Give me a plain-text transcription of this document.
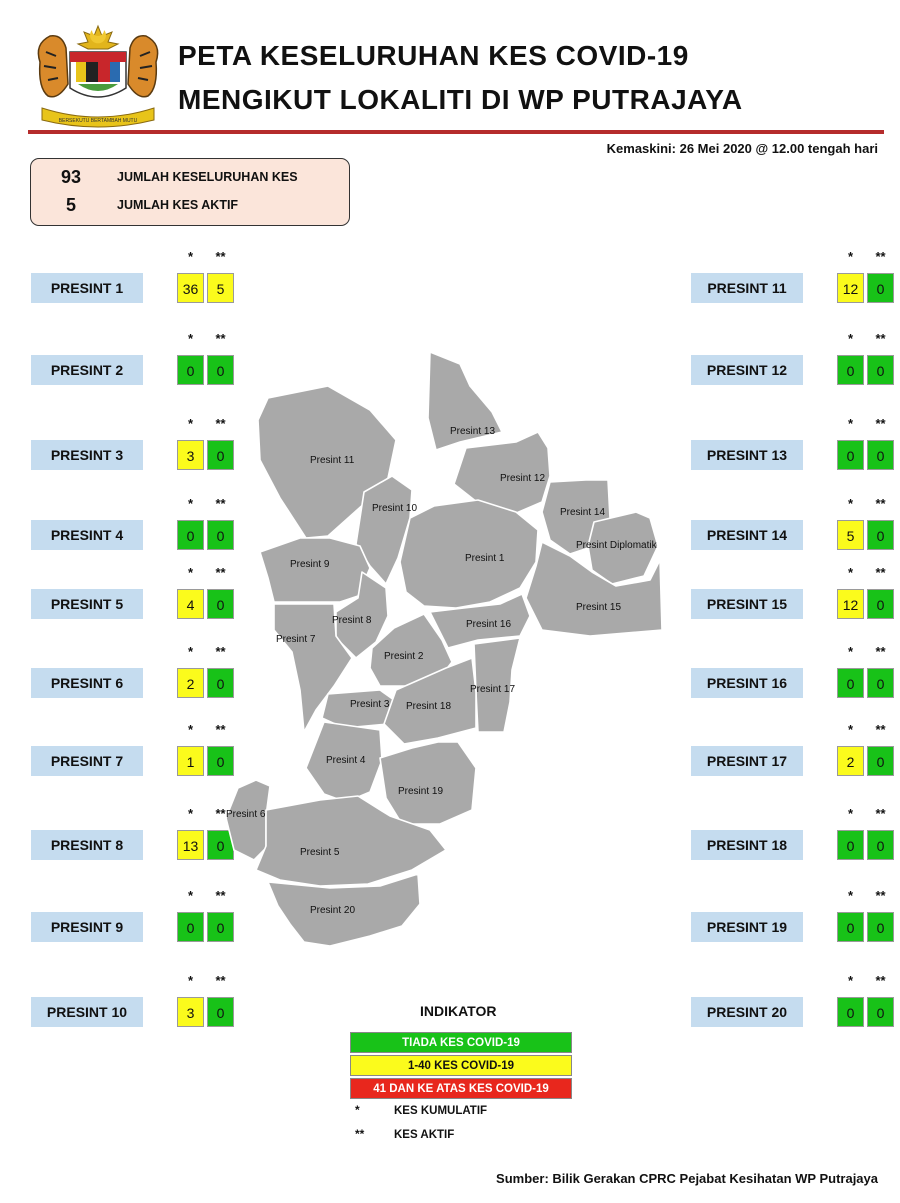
BERSEKUTU BERTAMBAH MUTU
PETA KESELURUHAN KES COVID-19
MENGIKUT LOKALITI DI WP PUTRAJAYA
Kemaskini: 26 Mei 2020 @ 12.00 tengah hari
93	JUMLAH KESELURUHAN KES
5	JUMLAH KES AKTIF
*	**
PRESINT 1	36	5
*	**
PRESINT 2	0	0
*	**
PRESINT 3	3	0
*	**
PRESINT 4	0	0
*	**
PRESINT 5	4	0
*	**
PRESINT 6	2	0
*	**
PRESINT 7	1	0
*	**
PRESINT 8	13	0
*	**
PRESINT 9	0	0
*	**
PRESINT 10	3	0
*	**
PRESINT 11	12	0
*	**
PRESINT 12	0	0
*	**
PRESINT 13	0	0
*	**
PRESINT 14	5	0
*	**
PRESINT 15	12	0
*	**
PRESINT 16	0	0
*	**
PRESINT 17	2	0
*	**
PRESINT 18	0	0
*	**
PRESINT 19	0	0
*	**
PRESINT 20	0	0
Presint 11
Presint 13
Presint 12
Presint 10
Presint 9
Presint 1
Presint 14
Presint Diplomatik
Presint 15
Presint 8
Presint 7
Presint 16
Presint 2
Presint 17
Presint 3 Presint 18
Presint 4
Presint 19
Presint 6
Presint 5
Presint 20
INDIKATOR
TIADA KES COVID-19
1-40 KES COVID-19
41 DAN KE ATAS KES COVID-19
*	KES KUMULATIF
**	KES AKTIF
Sumber: Bilik Gerakan CPRC Pejabat Kesihatan WP Putrajaya
